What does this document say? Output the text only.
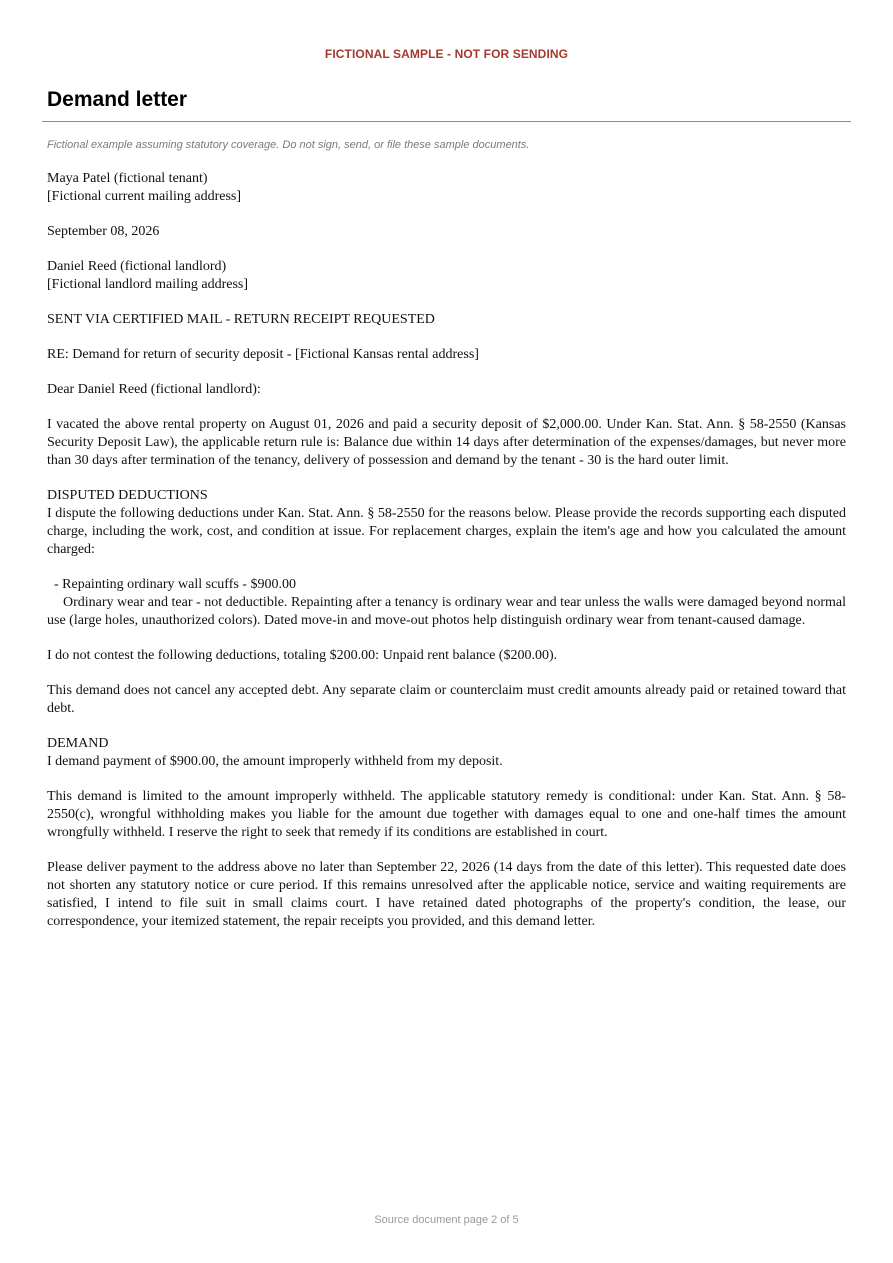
FICTIONAL SAMPLE - NOT FOR SENDING
Demand letter
Fictional example assuming statutory coverage. Do not sign, send, or file these sample documents.

Maya Patel (fictional tenant)
[Fictional current mailing address]

September 08, 2026

Daniel Reed (fictional landlord)
[Fictional landlord mailing address]

SENT VIA CERTIFIED MAIL - RETURN RECEIPT REQUESTED

RE: Demand for return of security deposit - [Fictional Kansas rental address]

Dear Daniel Reed (fictional landlord):

I vacated the above rental property on August 01, 2026 and paid a security deposit of $2,000.00. Under Kan. Stat. Ann. § 58-2550 (Kansas Security Deposit Law), the applicable return rule is: Balance due within 14 days after determination of the expenses/damages, but never more than 30 days after termination of the tenancy, delivery of possession and demand by the tenant - 30 is the hard outer limit.

DISPUTED DEDUCTIONS
I dispute the following deductions under Kan. Stat. Ann. § 58-2550 for the reasons below. Please provide the records supporting each disputed charge, including the work, cost, and condition at issue. For replacement charges, explain the item's age and how you calculated the amount charged:

- Repainting ordinary wall scuffs - $900.00
Ordinary wear and tear - not deductible. Repainting after a tenancy is ordinary wear and tear unless the walls were damaged beyond normal use (large holes, unauthorized colors). Dated move-in and move-out photos help distinguish ordinary wear from tenant-caused damage.

I do not contest the following deductions, totaling $200.00: Unpaid rent balance ($200.00).

This demand does not cancel any accepted debt. Any separate claim or counterclaim must credit amounts already paid or retained toward that debt.

DEMAND
I demand payment of $900.00, the amount improperly withheld from my deposit.

This demand is limited to the amount improperly withheld. The applicable statutory remedy is conditional: under Kan. Stat. Ann. § 58-2550(c), wrongful withholding makes you liable for the amount due together with damages equal to one and one-half times the amount wrongfully withheld. I reserve the right to seek that remedy if its conditions are established in court.

Please deliver payment to the address above no later than September 22, 2026 (14 days from the date of this letter). This requested date does not shorten any statutory notice or cure period. If this remains unresolved after the applicable notice, service and waiting requirements are satisfied, I intend to file suit in small claims court. I have retained dated photographs of the property's condition, the lease, our correspondence, your itemized statement, the repair receipts you provided, and this demand letter.

Source document page 2 of 5
